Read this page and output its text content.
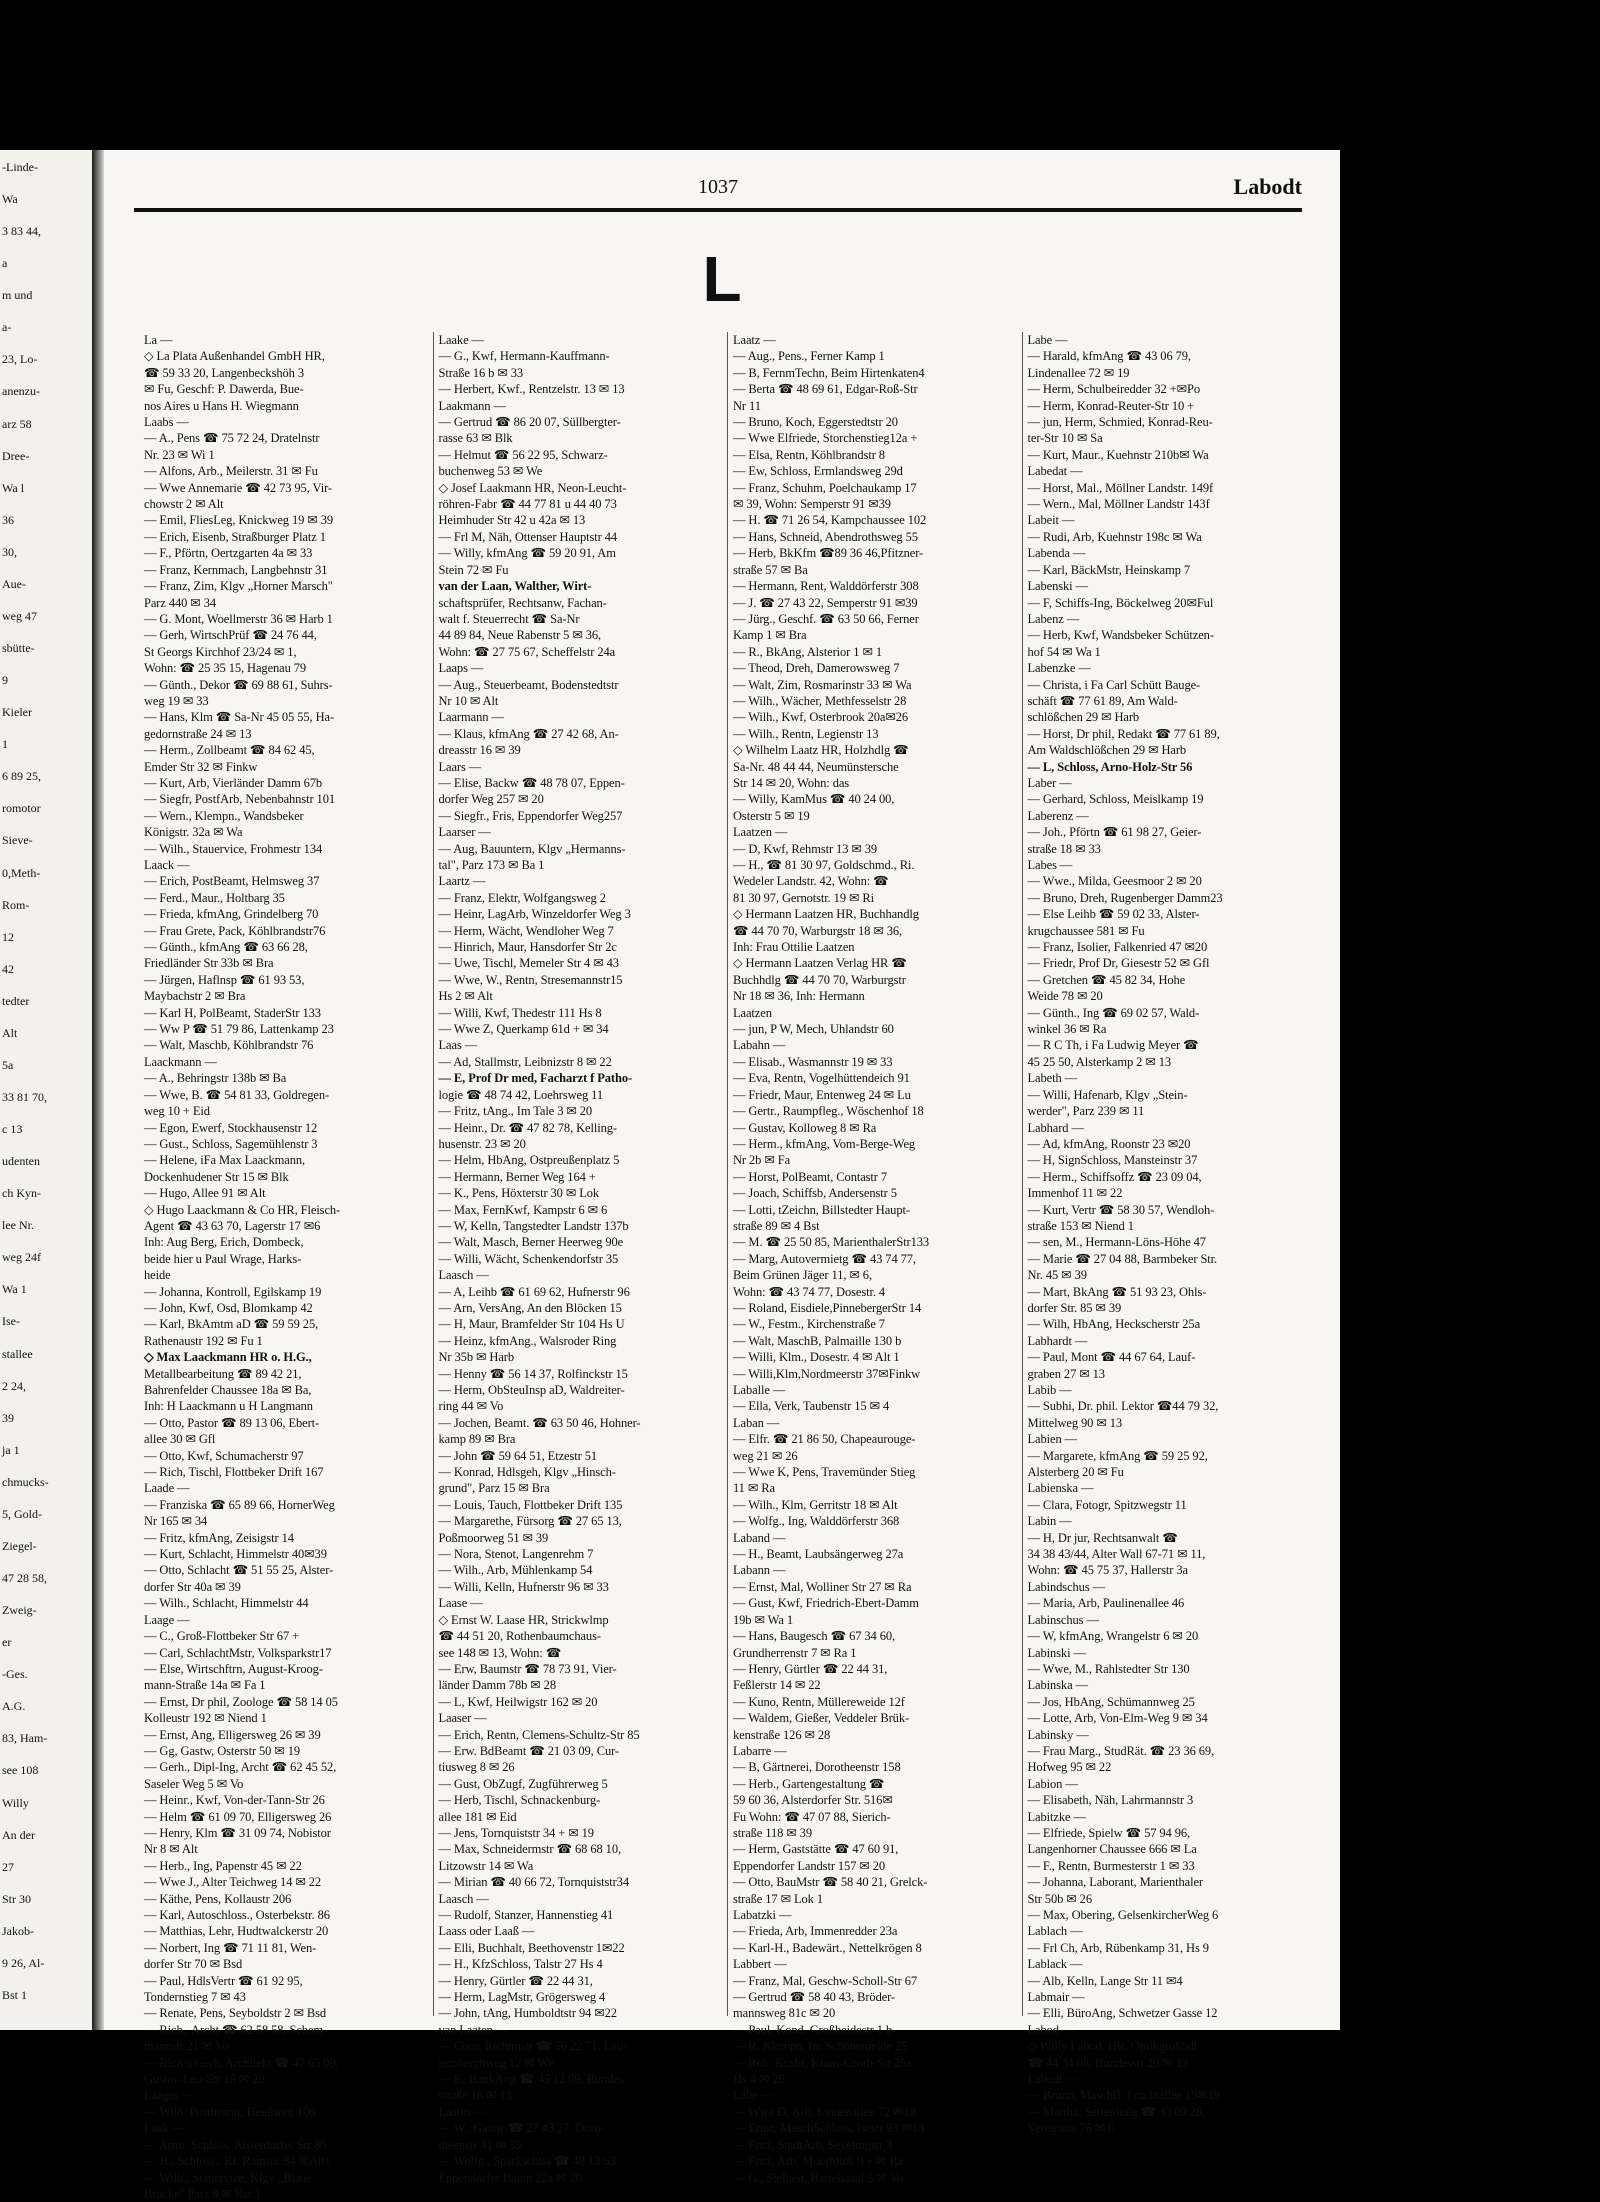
-Linde-
Wa
3 83 44,
a
m und
a-
23, Lo-
anenzu-
arz 58
Dree-
Wa l
36
30,
Aue-
weg 47
sbütte-
9
Kieler
1
6 89 25,
romotor
Sieve-
0,Meth-
Rom-
12
42
tedter
Alt
5a
33 81 70,
c 13
udenten
ch Kyn-
lee Nr.
weg 24f
Wa 1
Ise-
stallee
2 24,
39
ja 1
chmucks-
5, Gold-
Ziegel-
47 28 58,
Zweig-
er
-Ges.
A.G.
83, Ham-
see 108
Willy
An der
27
Str 30
Jakob-
9 26, Al-
Bst 1
1037	Labodt
L
La —
◇ La Plata Außenhandel GmbH HR,
☎ 59 33 20, Langenbeckshöh 3
✉ Fu, Geschf: P. Dawerda, Bue-
nos Aires u Hans H. Wiegmann
Laabs —
— A., Pens ☎ 75 72 24, Dratelnstr
Nr. 23 ✉ Wi 1
— Alfons, Arb., Meilerstr. 31 ✉ Fu
— Wwe Annemarie ☎ 42 73 95, Vir-
chowstr 2 ✉ Alt
— Emil, FliesLeg, Knickweg 19 ✉ 39
— Erich, Eisenb, Straßburger Platz 1
— F., Pförtn, Oertzgarten 4a ✉ 33
— Franz, Kernmach, Langbehnstr 31
— Franz, Zim, Klgv „Horner Marsch"
Parz 440 ✉ 34
— G. Mont, Woellmerstr 36 ✉ Harb 1
— Gerh, WirtschPrüf ☎ 24 76 44,
St Georgs Kirchhof 23/24 ✉ 1,
Wohn: ☎ 25 35 15, Hagenau 79
— Günth., Dekor ☎ 69 88 61, Suhrs-
weg 19 ✉ 33
— Hans, Klm ☎ Sa-Nr 45 05 55, Ha-
gedornstraße 24 ✉ 13
— Herm., Zollbeamt ☎ 84 62 45,
Emder Str 32 ✉ Finkw
— Kurt, Arb, Vierländer Damm 67b
— Siegfr, PostfArb, Nebenbahnstr 101
— Wern., Klempn., Wandsbeker
Königstr. 32a ✉ Wa
— Wilh., Stauervice, Frohmestr 134
Laack —
— Erich, PostBeamt, Helmsweg 37
— Ferd., Maur., Holtbarg 35
— Frieda, kfmAng, Grindelberg 70
— Frau Grete, Pack, Köhlbrandstr76
— Günth., kfmAng ☎ 63 66 28,
Friedländer Str 33b ✉ Bra
— Jürgen, Haflnsp ☎ 61 93 53,
Maybachstr 2 ✉ Bra
— Karl H, PolBeamt, StaderStr 133
— Ww P ☎ 51 79 86, Lattenkamp 23
— Walt, Maschb, Köhlbrandstr 76
Laackmann —
— A., Behringstr 138b ✉ Ba
— Wwe, B. ☎ 54 81 33, Goldregen-
weg 10 + Eid
— Egon, Ewerf, Stockhausenstr 12
— Gust., Schloss, Sagemühlenstr 3
— Helene, iFa Max Laackmann,
Dockenhudener Str 15 ✉ Blk
— Hugo, Allee 91 ✉ Alt
◇ Hugo Laackmann & Co HR, Fleisch-
Agent ☎ 43 63 70, Lagerstr 17 ✉6
Inh: Aug Berg, Erich, Dombeck,
beide hier u Paul Wrage, Harks-
heide
— Johanna, Kontroll, Egilskamp 19
— John, Kwf, Osd, Blomkamp 42
— Karl, BkAmtm aD ☎ 59 59 25,
Rathenaustr 192 ✉ Fu 1
◇ Max Laackmann HR o. H.G.,
Metallbearbeitung ☎ 89 42 21,
Bahrenfelder Chaussee 18a ✉ Ba,
Inh: H Laackmann u H Langmann
— Otto, Pastor ☎ 89 13 06, Ebert-
allee 30 ✉ Gfl
— Otto, Kwf, Schumacherstr 97
— Rich, Tischl, Flottbeker Drift 167
Laade —
— Franziska ☎ 65 89 66, HornerWeg
Nr 165 ✉ 34
— Fritz, kfmAng, Zeisigstr 14
— Kurt, Schlacht, Himmelstr 40✉39
— Otto, Schlacht ☎ 51 55 25, Alster-
dorfer Str 40a ✉ 39
— Wilh., Schlacht, Himmelstr 44
Laage —
— C., Groß-Flottbeker Str 67 +
— Carl, SchlachtMstr, Volksparkstr17
— Else, Wirtschftrn, August-Kroog-
mann-Straße 14a ✉ Fa 1
— Ernst, Dr phil, Zoologe ☎ 58 14 05
Kolleustr 192 ✉ Niend 1
— Ernst, Ang, Elligersweg 26 ✉ 39
— Gg, Gastw, Osterstr 50 ✉ 19
— Gerh., Dipl-Ing, Archt ☎ 62 45 52,
Saseler Weg 5 ✉ Vo
— Heinr., Kwf, Von-der-Tann-Str 26
— Helm ☎ 61 09 70, Elligersweg 26
— Henry, Klm ☎ 31 09 74, Nobistor
Nr 8 ✉ Alt
— Herb., Ing, Papenstr 45 ✉ 22
— Wwe J., Alter Teichweg 14 ✉ 22
— Käthe, Pens, Kollaustr 206
— Karl, Autoschloss., Osterbekstr. 86
— Matthias, Lehr, Hudtwalckerstr 20
— Norbert, Ing ☎ 71 11 81, Wen-
dorfer Str 70 ✉ Bsd
— Paul, HdlsVertr ☎ 61 92 95,
Tondernstieg 7 ✉ 43
— Renate, Pens, Seyboldstr 2 ✉ Bsd
— Rich., Archt ☎ 62 58 58, Schem-
mannstr 21 ✉ Vo
— Rich u Gerh, Architekt ☎ 47 65 09,
Gustav-Leo-Str 15 ✉ 20
Laages —
— Wilh. Postbeamt, Heußweg 106
Laak —
— Artur, Schloss, Alsterdorfer Str 80
— H., Schloss., Kl. Rainstr. 34 ✉Alt1
— Wilh., Stauervize, Klgv „Blaue
Brücke" Parz 9 ✉ Bst 1
Laake —
— G., Kwf, Hermann-Kauffmann-
Straße 16 b ✉ 33
— Herbert, Kwf., Rentzelstr. 13 ✉ 13
Laakmann —
— Gertrud ☎ 86 20 07, Süllbergter-
rasse 63 ✉ Blk
— Helmut ☎ 56 22 95, Schwarz-
buchenweg 53 ✉ We
◇ Josef Laakmann HR, Neon-Leucht-
röhren-Fabr ☎ 44 77 81 u 44 40 73
Heimhuder Str 42 u 42a ✉ 13
— Frl M, Näh, Ottenser Hauptstr 44
— Willy, kfmAng ☎ 59 20 91, Am
Stein 72 ✉ Fu
van der Laan, Walther, Wirt-
schaftsprüfer, Rechtsanw, Fachan-
walt f. Steuerrecht ☎ Sa-Nr
44 89 84, Neue Rabenstr 5 ✉ 36,
Wohn: ☎ 27 75 67, Scheffelstr 24a
Laaps —
— Aug., Steuerbeamt, Bodenstedtstr
Nr 10 ✉ Alt
Laarmann —
— Klaus, kfmAng ☎ 27 42 68, An-
dreasstr 16 ✉ 39
Laars —
— Elise, Backw ☎ 48 78 07, Eppen-
dorfer Weg 257 ✉ 20
— Siegfr., Fris, Eppendorfer Weg257
Laarser —
— Aug, Bauuntern, Klgv „Hermanns-
tal", Parz 173 ✉ Ba 1
Laartz —
— Franz, Elektr, Wolfgangsweg 2
— Heinr, LagArb, Winzeldorfer Weg 3
— Herm, Wächt, Wendloher Weg 7
— Hinrich, Maur, Hansdorfer Str 2c
— Uwe, Tischl, Memeler Str 4 ✉ 43
— Wwe, W., Rentn, Stresemannstr15
Hs 2 ✉ Alt
— Willi, Kwf, Thedestr 111 Hs 8
— Wwe Z, Querkamp 61d + ✉ 34
Laas —
— Ad, Stallmstr, Leibnizstr 8 ✉ 22
— E, Prof Dr med, Facharzt f Patho-
logie ☎ 48 74 42, Loehrsweg 11
— Fritz, tAng., Im Tale 3 ✉ 20
— Heinr., Dr. ☎ 47 82 78, Kelling-
husenstr. 23 ✉ 20
— Helm, HbAng, Ostpreußenplatz 5
— Hermann, Berner Weg 164 +
— K., Pens, Höxterstr 30 ✉ Lok
— Max, FernKwf, Kampstr 6 ✉ 6
— W, Kelln, Tangstedter Landstr 137b
— Walt, Masch, Berner Heerweg 90e
— Willi, Wächt, Schenkendorfstr 35
Laasch —
— A, Leihb ☎ 61 69 62, Hufnerstr 96
— Arn, VersAng, An den Blöcken 15
— H, Maur, Bramfelder Str 104 Hs U
— Heinz, kfmAng., Walsroder Ring
Nr 35b ✉ Harb
— Henny ☎ 56 14 37, Rolfinckstr 15
— Herm, ObSteuInsp aD, Waldreiter-
ring 44 ✉ Vo
— Jochen, Beamt. ☎ 63 50 46, Hohner-
kamp 89 ✉ Bra
— John ☎ 59 64 51, Etzestr 51
— Konrad, Hdlsgeh, Klgv „Hinsch-
grund", Parz 15 ✉ Bra
— Louis, Tauch, Flottbeker Drift 135
— Margarethe, Fürsorg ☎ 27 65 13,
Poßmoorweg 51 ✉ 39
— Nora, Stenot, Langenrehm 7
— Wilh., Arb, Mühlenkamp 54
— Willi, Kelln, Hufnerstr 96 ✉ 33
Laase —
◇ Ernst W. Laase HR, Strickwlmp
☎ 44 51 20, Rothenbaumchaus-
see 148 ✉ 13, Wohn: ☎
— Erw, Baumstr ☎ 78 73 91, Vier-
länder Damm 78b ✉ 28
— L, Kwf, Heilwigstr 162 ✉ 20
Laaser —
— Erich, Rentn, Clemens-Schultz-Str 85
— Erw. BdBeamt ☎ 21 03 09, Cur-
tiusweg 8 ✉ 26
— Gust, ObZugf, Zugführerweg 5
— Herb, Tischl, Schnackenburg-
allee 181 ✉ Eid
— Jens, Tornquiststr 34 + ✉ 19
— Max, Schneidermstr ☎ 68 68 10,
Litzowstr 14 ✉ Wa
— Mirian ☎ 40 66 72, Tornquiststr34
Laasch —
— Rudolf, Stanzer, Hannenstieg 41
Laass oder Laaß —
— Elli, Buchhalt, Beethovenstr 1✉22
— H., KfzSchloss, Talstr 27 Hs 4
— Henry, Gürtler ☎ 22 44 31,
— Herm, LagMstr, Grögersweg 4
— John, tAng, Humboldtstr 94 ✉22
van Laaten —
— Corn, Richtmstr ☎ 56 22 71, Lau-
remberghweg 12 ✉ We
— F., BankAng ☎ 45 12 09, Bundes-
straße 18 ✉ 13
Laaths —
— W., Gastw ☎ 27 43 27, Doro-
theenstr 41 ✉ 39
— Wolfg., Sparkschlss ☎ 48 13 63
Eppendorfer Baum 22a ✉ 20
Laatz —
— Aug., Pens., Ferner Kamp 1
— B, FernmTechn, Beim Hirtenkaten4
— Berta ☎ 48 69 61, Edgar-Roß-Str
Nr 11
— Bruno, Koch, Eggerstedtstr 20
— Wwe Elfriede, Storchenstieg12a +
— Elsa, Rentn, Köhlbrandstr 8
— Ew, Schloss, Ermlandsweg 29d
— Franz, Schuhm, Poelchaukamp 17
✉ 39, Wohn: Semperstr 91 ✉39
— H. ☎ 71 26 54, Kampchaussee 102
— Hans, Schneid, Abendrothsweg 55
— Herb, BkKfm ☎89 36 46,Pfitzner-
straße 57 ✉ Ba
— Hermann, Rent, Walddörferstr 308
— J. ☎ 27 43 22, Semperstr 91 ✉39
— Jürg., Geschf. ☎ 63 50 66, Ferner
Kamp 1 ✉ Bra
— R., BkAng, Alsterior 1 ✉ 1
— Theod, Dreh, Damerowsweg 7
— Walt, Zim, Rosmarinstr 33 ✉ Wa
— Wilh., Wächer, Methfesselstr 28
— Wilh., Kwf, Osterbrook 20a✉26
— Wilh., Rentn, Legienstr 13
◇ Wilhelm Laatz HR, Holzhdlg ☎
Sa-Nr. 48 44 44, Neumünstersche
Str 14 ✉ 20, Wohn: das
— Willy, KamMus ☎ 40 24 00,
Osterstr 5 ✉ 19
Laatzen —
— D, Kwf, Rehmstr 13 ✉ 39
— H., ☎ 81 30 97, Goldschmd., Ri.
Wedeler Landstr. 42, Wohn: ☎
81 30 97, Gernotstr. 19 ✉ Ri
◇ Hermann Laatzen HR, Buchhandlg
☎ 44 70 70, Warburgstr 18 ✉ 36,
Inh: Frau Ottilie Laatzen
◇ Hermann Laatzen Verlag HR ☎
Buchhdlg ☎ 44 70 70, Warburgstr
Nr 18 ✉ 36, Inh: Hermann
Laatzen
— jun, P W, Mech, Uhlandstr 60
Labahn —
— Elisab., Wasmannstr 19 ✉ 33
— Eva, Rentn, Vogelhüttendeich 91
— Friedr, Maur, Entenweg 24 ✉ Lu
— Gertr., Raumpfleg., Wöschenhof 18
— Gustav, Kolloweg 8 ✉ Ra
— Herm., kfmAng, Vom-Berge-Weg
Nr 2b ✉ Fa
— Horst, PolBeamt, Contastr 7
— Joach, Schiffsb, Andersenstr 5
— Lotti, tZeichn, Billstedter Haupt-
straße 89 ✉ 4 Bst
— M. ☎ 25 50 85, MarienthalerStr133
— Marg, Autovermietg ☎ 43 74 77,
Beim Grünen Jäger 11, ✉ 6,
Wohn: ☎ 43 74 77, Dosestr. 4
— Roland, Eisdiele,PinnebergerStr 14
— W., Festm., Kirchenstraße 7
— Walt, MaschB, Palmaille 130 b
— Willi, Klm., Dosestr. 4 ✉ Alt 1
— Willi,Klm,Nordmeerstr 37✉Finkw
Laballe —
— Ella, Verk, Taubenstr 15 ✉ 4
Laban —
— Elfr. ☎ 21 86 50, Chapeaurouge-
weg 21 ✉ 26
— Wwe K, Pens, Travemünder Stieg
11 ✉ Ra
— Wilh., Klm, Gerritstr 18 ✉ Alt
— Wolfg., Ing, Walddörferstr 368
Laband —
— H., Beamt, Laubsängerweg 27a
Labann —
— Ernst, Mal, Wolliner Str 27 ✉ Ra
— Gust, Kwf, Friedrich-Ebert-Damm
19b ✉ Wa 1
— Hans, Baugesch ☎ 67 34 60,
Grundherrenstr 7 ✉ Ra 1
— Henry, Gürtler ☎ 22 44 31,
Feßlerstr 14 ✉ 22
— Kuno, Rentn, Müllereweide 12f
— Waldem, Gießer, Veddeler Brük-
kenstraße 126 ✉ 28
Labarre —
— B, Gärtnerei, Dorotheenstr 158
— Herb., Gartengestaltung ☎
59 60 36, Alsterdorfer Str. 516✉
Fu Wohn: ☎ 47 07 88, Sierich-
straße 118 ✉ 39
— Herm, Gaststätte ☎ 47 60 91,
Eppendorfer Landstr 157 ✉ 20
— Otto, BauMstr ☎ 58 40 21, Grelck-
straße 17 ✉ Lok 1
Labatzki —
— Frieda, Arb, Immenredder 23a
— Karl-H., Badewärt., Nettelkrögen 8
Labbert —
— Franz, Mal, Geschw-Scholl-Str 67
— Gertrud ☎ 58 40 43, Bröder-
mannsweg 81c ✉ 20
— Paul, Kond, Großheidestr 1 b
— R, Klempn, Im Schönenfelde 25
— Rob, Kraftf, Klaus-Groth-Str 25a
Hs 4 ✉ 26
Labe —
— Wwe D, Arb, Lindenallee 72 ✉19
— Ernst, MaschSchloss, Isestr 93 ✉13
— Fritz, StadtArb, Sevelingstr 3
— Fritz, Arb, Moorblick 9 + ✉ Ra
— G., Sielheif, Bartelssaal 5 ✉ Vo
Labe —
— Harald, kfmAng ☎ 43 06 79,
Lindenallee 72 ✉ 19
— Herm, Schulbeiredder 32 +✉Po
— Herm, Konrad-Reuter-Str 10 +
— jun, Herm, Schmied, Konrad-Reu-
ter-Str 10 ✉ Sa
— Kurt, Maur., Kuehnstr 210b✉ Wa
Labedat —
— Horst, Mal., Möllner Landstr. 149f
— Wern., Mal, Möllner Landstr 143f
Labeit —
— Rudi, Arb, Kuehnstr 198c ✉ Wa
Labenda —
— Karl, BäckMstr, Heinskamp 7
Labenski —
— F, Schiffs-Ing, Böckelweg 20✉Ful
Labenz —
— Herb, Kwf, Wandsbeker Schützen-
hof 54 ✉ Wa 1
Labenzke —
— Christa, i Fa Carl Schütt Bauge-
schäft ☎ 77 61 89, Am Wald-
schlößchen 29 ✉ Harb
— Horst, Dr phil, Redakt ☎ 77 61 89,
Am Waldschlößchen 29 ✉ Harb
— L, Schloss, Arno-Holz-Str 56
Laber —
— Gerhard, Schloss, Meislkamp 19
Laberenz —
— Joh., Pförtn ☎ 61 98 27, Geier-
straße 18 ✉ 33
Labes —
— Wwe., Milda, Geesmoor 2 ✉ 20
— Bruno, Dreh, Rugenberger Damm23
— Else Leihb ☎ 59 02 33, Alster-
krugchaussee 581 ✉ Fu
— Franz, Isolier, Falkenried 47 ✉20
— Friedr, Prof Dr, Giesestr 52 ✉ Gfl
— Gretchen ☎ 45 82 34, Hohe
Weide 78 ✉ 20
— Günth., Ing ☎ 69 02 57, Wald-
winkel 36 ✉ Ra
— R C Th, i Fa Ludwig Meyer ☎
45 25 50, Alsterkamp 2 ✉ 13
Labeth —
— Willi, Hafenarb, Klgv „Stein-
werder", Parz 239 ✉ 11
Labhard —
— Ad, kfmAng, Roonstr 23 ✉20
— H, SignSchloss, Mansteinstr 37
— Herm., Schiffsoffz ☎ 23 09 04,
Immenhof 11 ✉ 22
— Kurt, Vertr ☎ 58 30 57, Wendloh-
straße 153 ✉ Niend 1
— sen, M., Hermann-Löns-Höhe 47
— Marie ☎ 27 04 88, Barmbeker Str.
Nr. 45 ✉ 39
— Mart, BkAng ☎ 51 93 23, Ohls-
dorfer Str. 85 ✉ 39
— Wilh, HbAng, Heckscherstr 25a
Labhardt —
— Paul, Mont ☎ 44 67 64, Lauf-
graben 27 ✉ 13
Labib —
— Subhi, Dr. phil. Lektor ☎44 79 32,
Mittelweg 90 ✉ 13
Labien —
— Margarete, kfmAng ☎ 59 25 92,
Alsterberg 20 ✉ Fu
Labienska —
— Clara, Fotogr, Spitzwegstr 11
Labin —
— H, Dr jur, Rechtsanwalt ☎
34 38 43/44, Alter Wall 67-71 ✉ 11,
Wohn: ☎ 45 75 37, Hallerstr 3a
Labindschus —
— Maria, Arb, Paulinenallee 46
Labinschus —
— W, kfmAng, Wrangelstr 6 ✉ 20
Labinski —
— Wwe, M., Rahlstedter Str 130
Labinska —
— Jos, HbAng, Schümannweg 25
— Lotte, Arb, Von-Elm-Weg 9 ✉ 34
Labinsky —
— Frau Marg., StudRät. ☎ 23 36 69,
Hofweg 95 ✉ 22
Labion —
— Elisabeth, Näh, Lahrmannstr 3
Labitzke —
— Elfriede, Spielw ☎ 57 94 96,
Langenhorner Chaussee 666 ✉ La
— F., Rentn, Burmesterstr 1 ✉ 33
— Johanna, Laborant, Marienthaler
Str 50b ✉ 26
— Max, Obering, GelsenkircherWeg 6
Lablach —
— Frl Ch, Arb, Rübenkamp 31, Hs 9
Lablack —
— Alb, Kelln, Lange Str 11 ✉4
Labmair —
— Elli, BüroAng, Schwetzer Gasse 12
Labod —
◇ Willy Labod, HR, Optikgroßhdl
☎ 44 34 08, Bundesstr 29 ✉ 13
Labodt —
— Bruno, MaschB, Fruchtallee 19✉19
— Martha, Seifenhdlg ☎ 43 09 28,
Vereinsstr 76 ✉ 6
